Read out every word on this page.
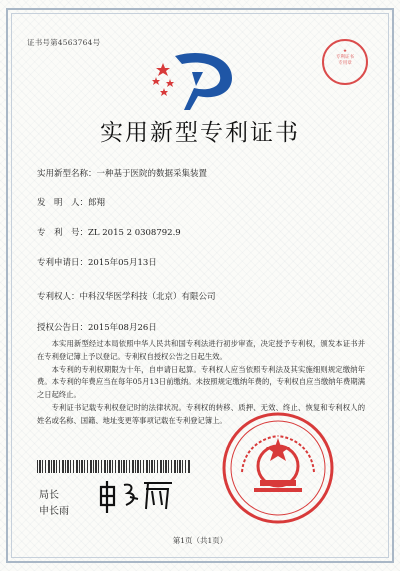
证书号第4563764号
★
专利证书
专用章
实用新型专利证书
实用新型名称：一种基于医院的数据采集装置
发　明　人：郎翔
专　利　号：ZL 2015 2 0308792.9
专利申请日：2015年05月13日
专利权人：中科汉华医学科技（北京）有限公司
授权公告日：2015年08月26日

本实用新型经过本局依照中华人民共和国专利法进行初步审查，决定授予专利权，颁发本证书并在专利登记簿上予以登记。专利权自授权公告之日起生效。

本专利的专利权期限为十年，自申请日起算。专利权人应当依照专利法及其实施细则规定缴纳年费。本专利的年费应当在每年05月13日前缴纳。未按照规定缴纳年费的，专利权自应当缴纳年费期满之日起终止。

专利证书记载专利权登记时的法律状况。专利权的转移、质押、无效、终止、恢复和专利权人的姓名或名称、国籍、地址变更等事项记载在专利登记簿上。

局长
申长雨
第1页（共1页）
